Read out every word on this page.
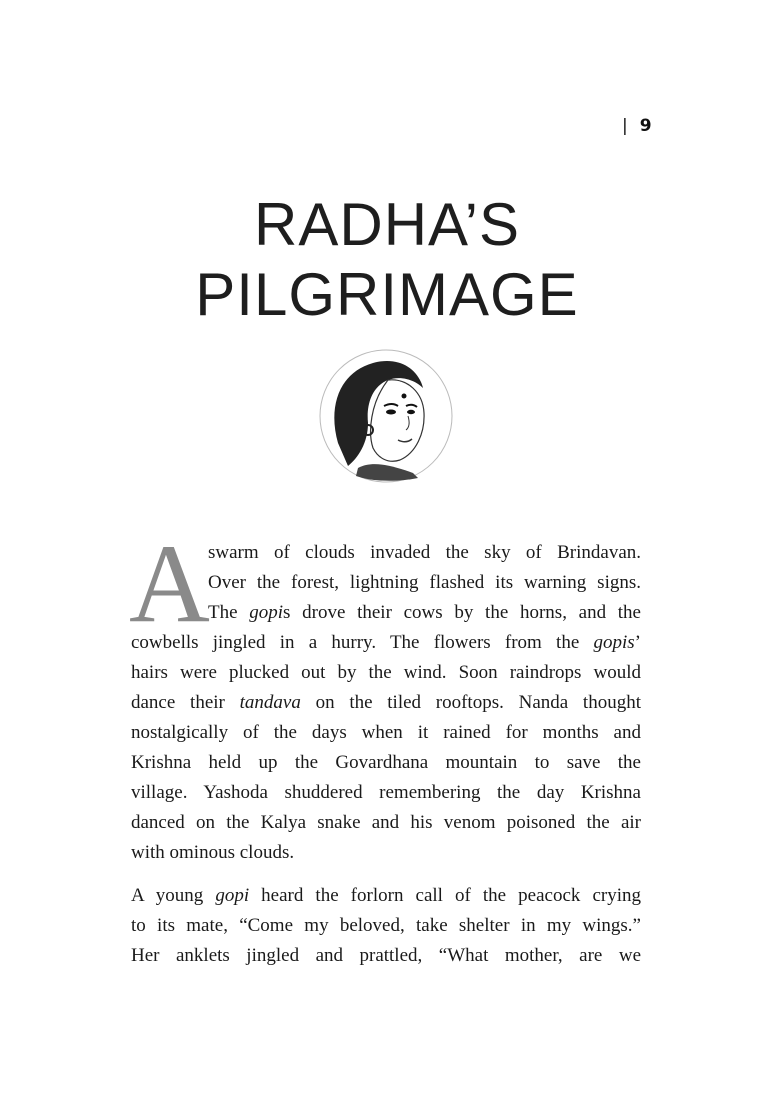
| 9
RADHA’S
PILGRIMAGE
A
swarm of clouds invaded the sky of Brindavan.
Over the forest, lightning flashed its warning signs.
The gopis drove their cows by the horns, and the
cowbells jingled in a hurry. The flowers from the gopis’
hairs were plucked out by the wind. Soon raindrops would
dance their tandava on the tiled rooftops. Nanda thought
nostalgically of the days when it rained for months and
Krishna held up the Govardhana mountain to save the
village. Yashoda shuddered remembering the day Krishna
danced on the Kalya snake and his venom poisoned the air
with ominous clouds.
A young gopi heard the forlorn call of the peacock crying
to its mate, “Come my beloved, take shelter in my wings.”
Her anklets jingled and prattled, “What mother, are we
